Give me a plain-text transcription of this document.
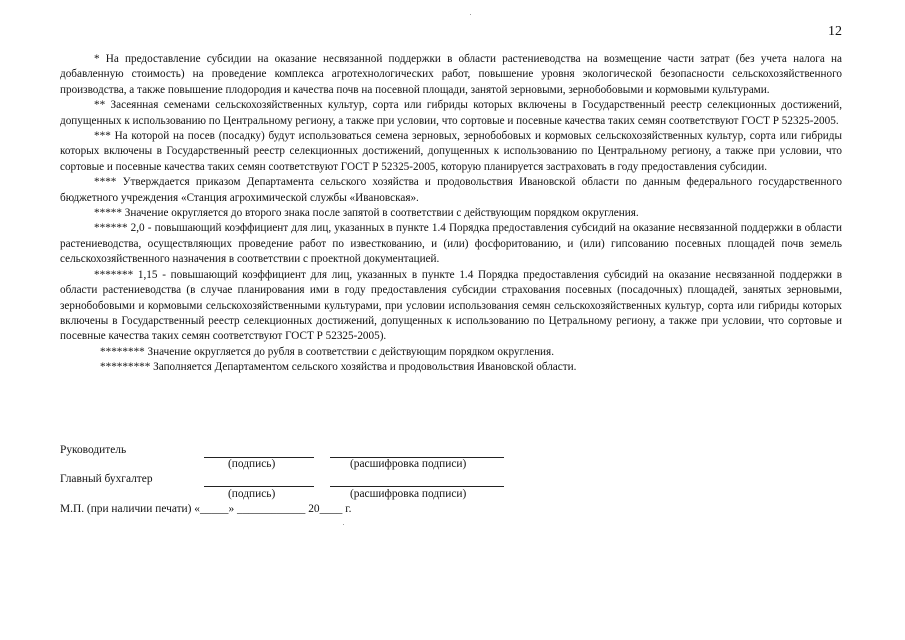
12

* На предоставление субсидии на оказание несвязанной поддержки в области растениеводства на возмещение части затрат (без учета налога на добавленную стоимость) на проведение комплекса агротехнологических работ, повышение уровня экологической безопасности сельскохозяйственного производства, а также повышение плодородия и качества почв на посевной площади, занятой зерновыми, зернобобовыми и кормовыми культурами.

** Засеянная семенами сельскохозяйственных культур, сорта или гибриды которых включены в Государственный реестр селекционных достижений, допущенных к использованию по Центральному региону, а также при условии, что сортовые и посевные качества таких семян соответствуют ГОСТ Р 52325-2005.

*** На которой на посев (посадку) будут использоваться семена зерновых, зернобобовых и кормовых сельскохозяйственных культур, сорта или гибриды которых включены в Государственный реестр селекционных достижений, допущенных к использованию по Центральному региону, а также при условии, что сортовые и посевные качества таких семян соответствуют ГОСТ Р 52325-2005, которую планируется застраховать в году предоставления субсидии.

**** Утверждается приказом Департамента сельского хозяйства и продовольствия Ивановской области по данным федерального государственного бюджетного учреждения «Станция агрохимической службы «Ивановская».

***** Значение округляется до второго знака после запятой в соответствии с действующим порядком округления.

****** 2,0 - повышающий коэффициент для лиц, указанных в пункте 1.4 Порядка предоставления субсидий на оказание несвязанной поддержки в области растениеводства, осуществляющих проведение работ по известкованию, и (или) фосфоритованию, и (или) гипсованию посевных площадей почв земель сельскохозяйственного назначения в соответствии с проектной документацией.

******* 1,15 - повышающий коэффициент для лиц, указанных в пункте 1.4 Порядка предоставления субсидий на оказание несвязанной поддержки в области растениеводства (в случае планирования ими в году предоставления субсидии страхования посевных (посадочных) площадей, занятых зерновыми, зернобобовыми и кормовыми сельскохозяйственными культурами, при условии использования семян сельскохозяйственных культур, сорта или гибриды которых включены в Государственный реестр селекционных достижений, допущенных к использованию по Цетральному региону, а также при условии, что сортовые и посевные качества таких семян соответствуют ГОСТ Р 52325-2005).

******** Значение округляется до рубля в соответствии с действующим порядком округления.

********* Заполняется Департаментом сельского хозяйства и продовольствия Ивановской области.

Руководитель
(подпись)	(расшифровка подписи)
Главный бухгалтер
(подпись)	(расшифровка подписи)
М.П. (при наличии печати) «_____» ____________ 20____ г.
